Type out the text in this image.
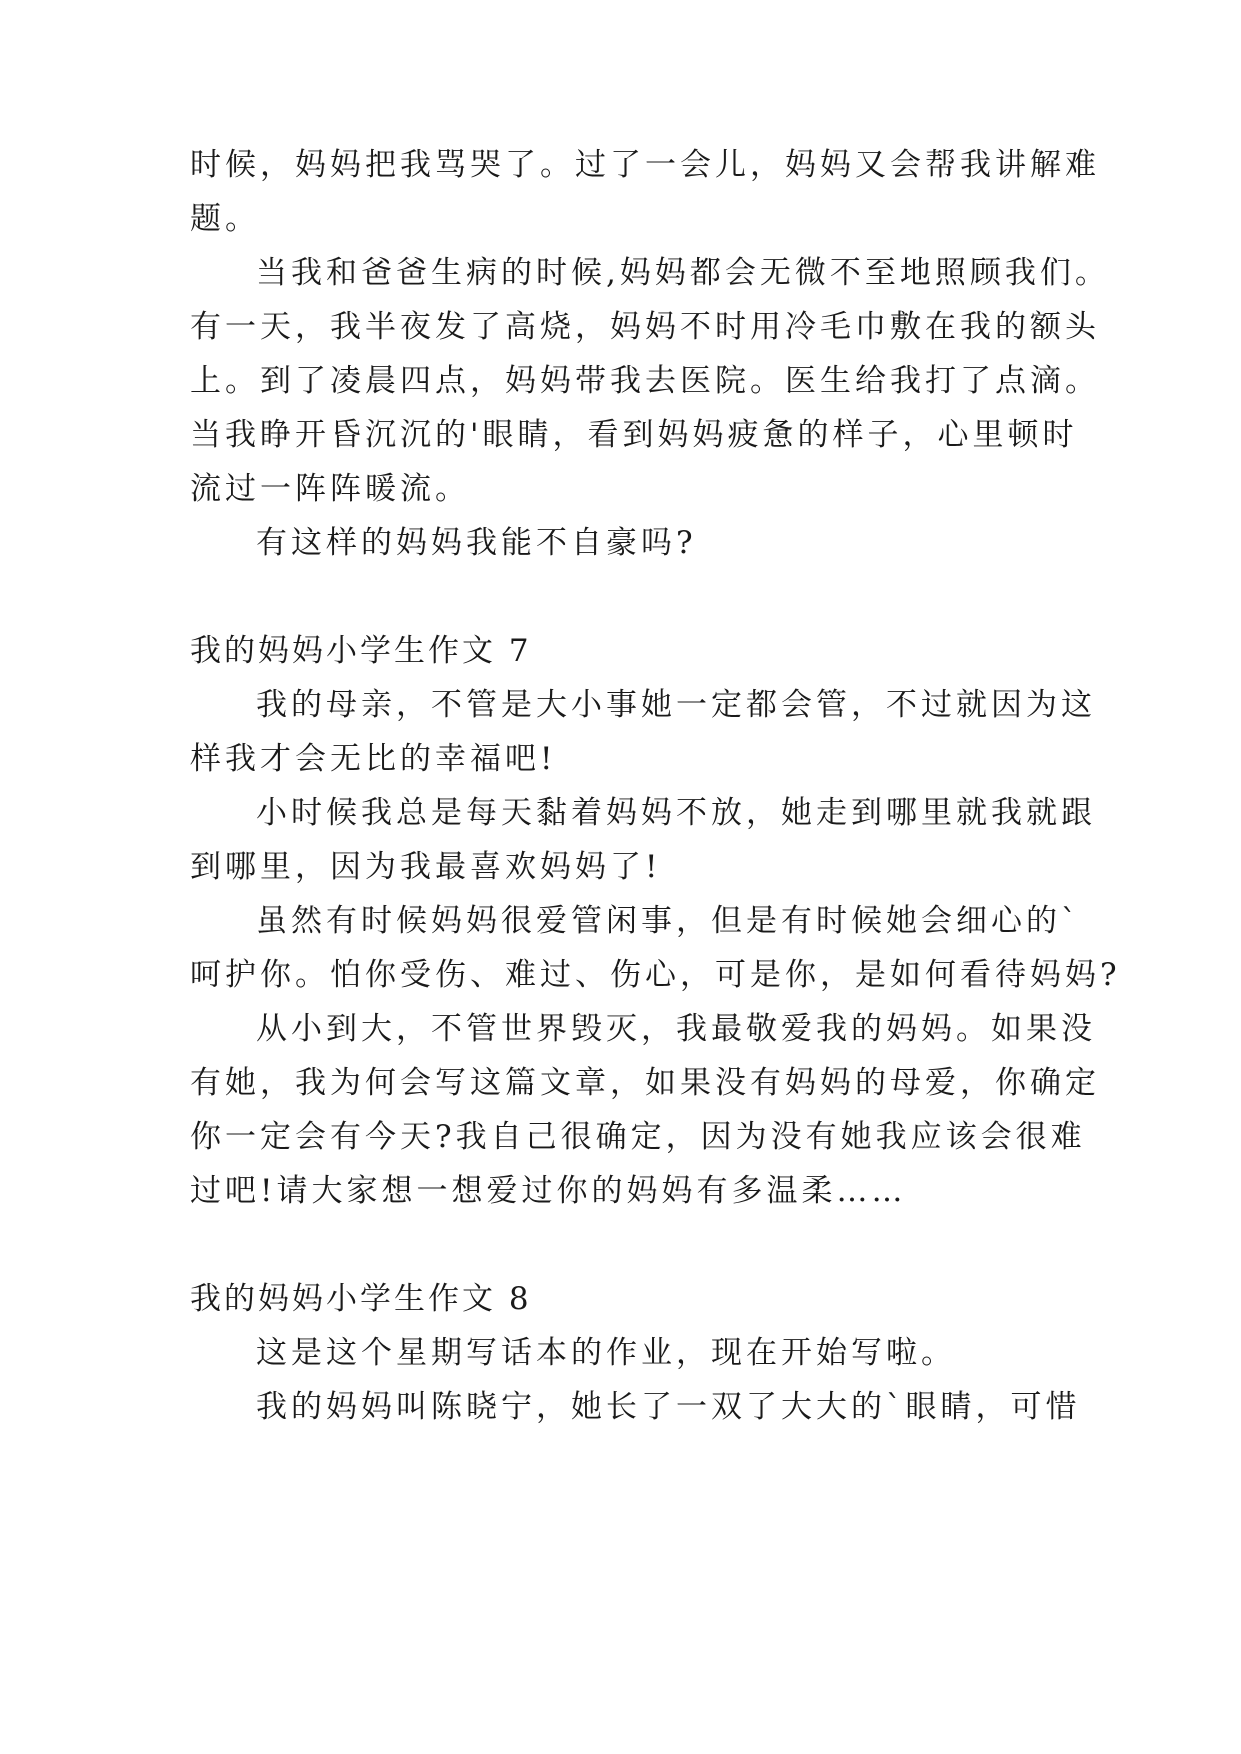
时候，妈妈把我骂哭了。过了一会儿，妈妈又会帮我讲解难
题。
当我和爸爸生病的时候,妈妈都会无微不至地照顾我们。
有一天，我半夜发了高烧，妈妈不时用冷毛巾敷在我的额头
上。到了凌晨四点，妈妈带我去医院。医生给我打了点滴。
当我睁开昏沉沉的'眼睛，看到妈妈疲惫的样子，心里顿时
流过一阵阵暖流。
有这样的妈妈我能不自豪吗?
我的妈妈小学生作文 7
我的母亲，不管是大小事她一定都会管，不过就因为这
样我才会无比的幸福吧!
小时候我总是每天黏着妈妈不放，她走到哪里就我就跟
到哪里，因为我最喜欢妈妈了!
虽然有时候妈妈很爱管闲事，但是有时候她会细心的`
呵护你。怕你受伤、难过、伤心，可是你，是如何看待妈妈?
从小到大，不管世界毁灭，我最敬爱我的妈妈。如果没
有她，我为何会写这篇文章，如果没有妈妈的母爱，你确定
你一定会有今天?我自己很确定，因为没有她我应该会很难
过吧!请大家想一想爱过你的妈妈有多温柔……
我的妈妈小学生作文 8
这是这个星期写话本的作业，现在开始写啦。
我的妈妈叫陈晓宁，她长了一双了大大的`眼睛，可惜
